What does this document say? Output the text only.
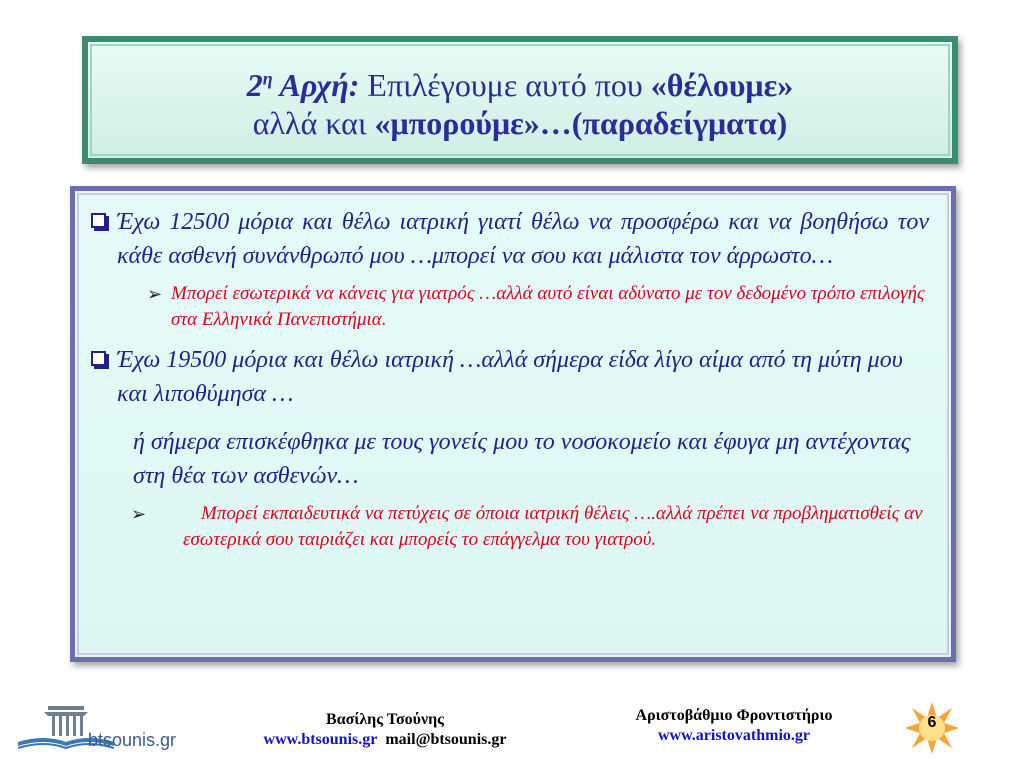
$2^\eta$ Αρχή: Επιλέγουμε αυτό που «θέλουμε»
αλλά και «μπορούμε»…(παραδείγματα)
Έχω 12500 μόρια και θέλω ιατρική γιατί θέλω να προσφέρω και να βοηθήσω τον κάθε ασθενή συνάνθρωπό μου …μπορεί να σου και μάλιστα τον άρρωστο…
➢ Μπορεί εσωτερικά να κάνεις για γιατρός …αλλά αυτό είναι αδύνατο με τον δεδομένο τρόπο επιλογής στα Ελληνικά Πανεπιστήμια.
Έχω 19500 μόρια και θέλω ιατρική …αλλά σήμερα είδα λίγο αίμα από τη μύτη μου και λιποθύμησα …
ή σήμερα επισκέφθηκα με τους γονείς μου το νοσοκομείο και έφυγα μη αντέχοντας στη θέα των ασθενών…
➢	Μπορεί εκπαιδευτικά να πετύχεις σε όποια ιατρική θέλεις ….αλλά πρέπει να προβληματισθείς αν εσωτερικά σου ταιριάζει και μπορείς το επάγγελμα του γιατρού.
btsounis.gr
Βασίλης Τσούνης
www.btsounis.gr mail@btsounis.gr
Αριστοβάθμιο Φροντιστήριο
www.aristovathmio.gr
6
